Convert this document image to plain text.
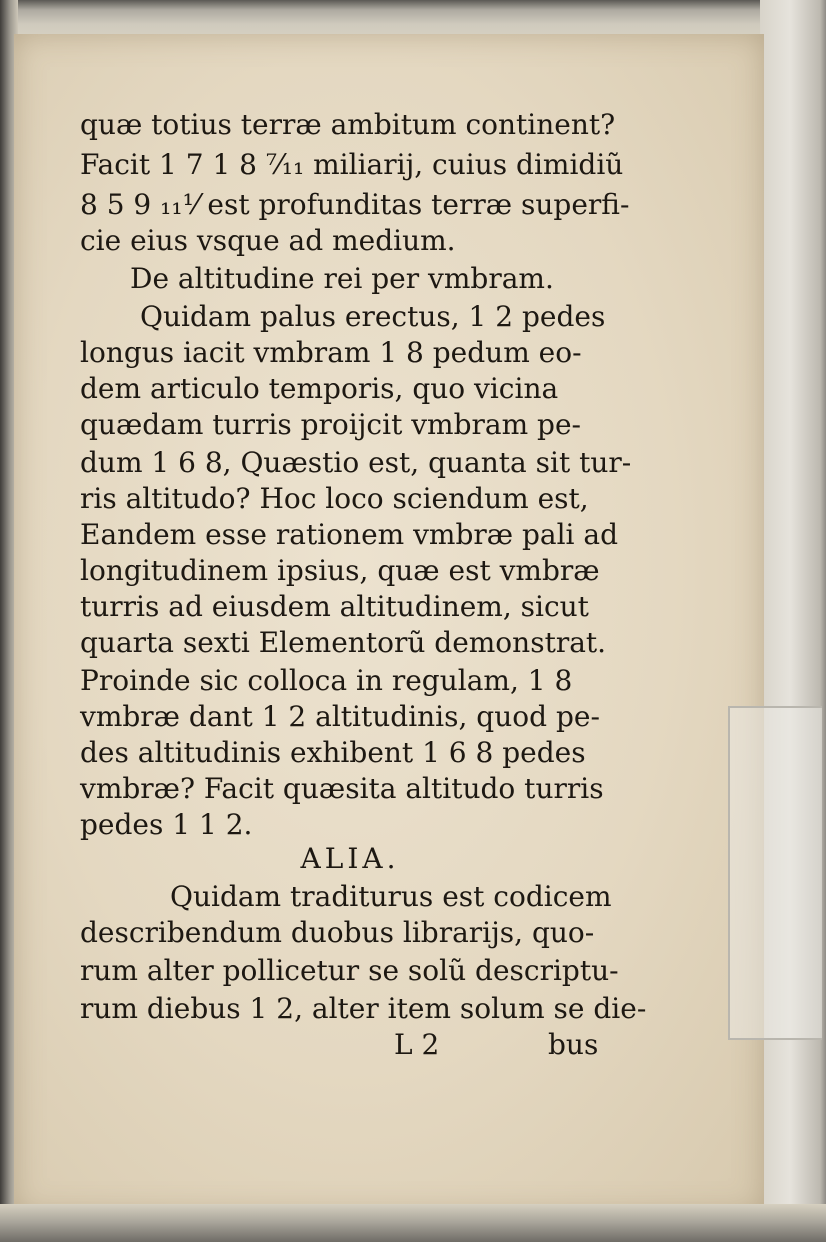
quæ totius terræ ambitum continent?
Facit 1 7 1 8 ⁷⁄₁₁ miliarij, cuius dimidiũ
8 5 9 ₁₁¹⁄ est profunditas terræ superfi-
cie eius vsque ad medium.
De altitudine rei per vmbram.
Quidam palus erectus, 1 2 pedes
longus iacit vmbram 1 8 pedum eo-
dem articulo temporis, quo vicina
quædam turris proijcit vmbram pe-
dum 1 6 8, Quæstio est, quanta sit tur-
ris altitudo? Hoc loco sciendum est,
Eandem esse rationem vmbræ pali ad
longitudinem ipsius, quæ est vmbræ
turris ad eiusdem altitudinem, sicut
quarta sexti Elementorũ demonstrat.
Proinde sic colloca in regulam, 1 8
vmbræ dant 1 2 altitudinis, quod pe-
des altitudinis exhibent 1 6 8 pedes
vmbræ? Facit quæsita altitudo turris
pedes 1 1 2.
ALIA.
Quidam traditurus est codicem
describendum duobus librarijs, quo-
rum alter pollicetur se solũ descriptu-
rum diebus 1 2, alter item solum se die-
L 2	bus
